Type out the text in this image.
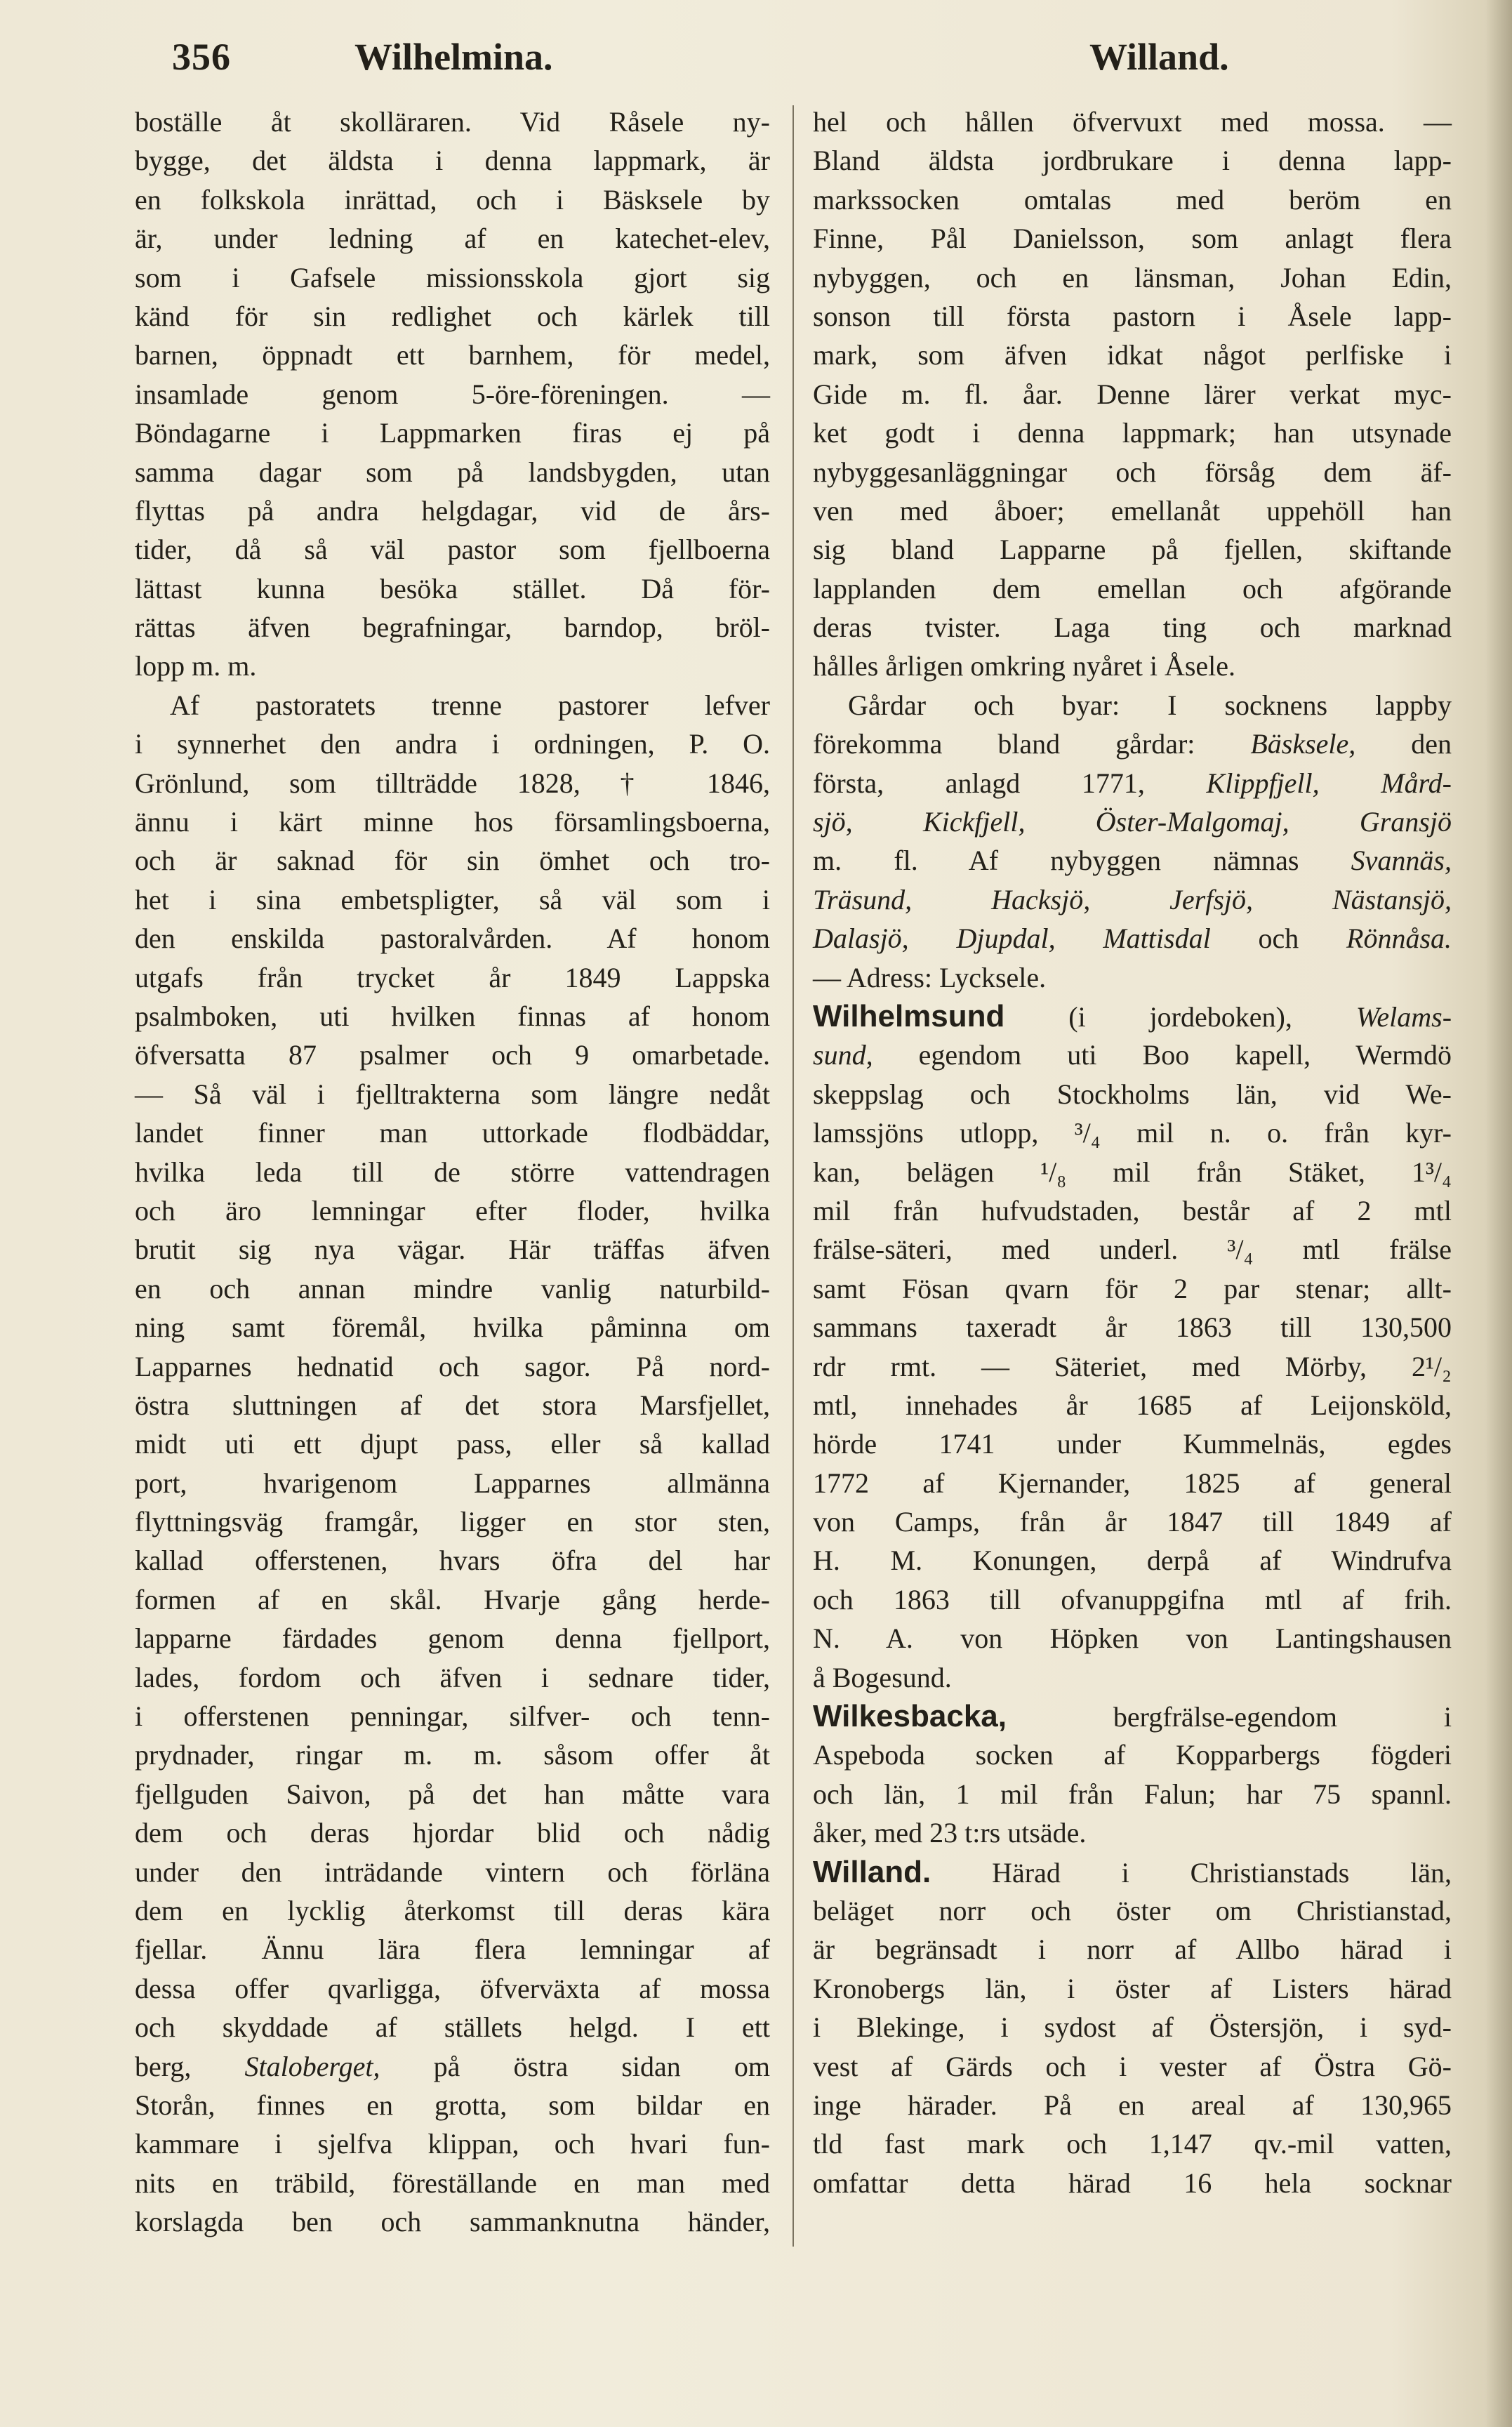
356	Wilhelmina.	Willand.
boställe åt skolläraren. Vid Råsele ny-
bygge, det äldsta i denna lappmark, är
en folkskola inrättad, och i Bäsksele by
är, under ledning af en katechet-elev,
som i Gafsele missionsskola gjort sig
känd för sin redlighet och kärlek till
barnen, öppnadt ett barnhem, för medel,
insamlade genom 5-öre-föreningen. —
Böndagarne i Lappmarken firas ej på
samma dagar som på landsbygden, utan
flyttas på andra helgdagar, vid de års-
tider, då så väl pastor som fjellboerna
lättast kunna besöka stället. Då för-
rättas äfven begrafningar, barndop, bröl-
lopp m. m.
Af pastoratets trenne pastorer lefver
i synnerhet den andra i ordningen, P. O.
Grönlund, som tillträdde 1828, † 1846,
ännu i kärt minne hos församlingsboerna,
och är saknad för sin ömhet och tro-
het i sina embetspligter, så väl som i
den enskilda pastoralvården. Af honom
utgafs från trycket år 1849 Lappska
psalmboken, uti hvilken finnas af honom
öfversatta 87 psalmer och 9 omarbetade.
— Så väl i fjelltrakterna som längre nedåt
landet finner man uttorkade flodbäddar,
hvilka leda till de större vattendragen
och äro lemningar efter floder, hvilka
brutit sig nya vägar. Här träffas äfven
en och annan mindre vanlig naturbild-
ning samt föremål, hvilka påminna om
Lapparnes hednatid och sagor. På nord-
östra sluttningen af det stora Marsfjellet,
midt uti ett djupt pass, eller så kallad
port, hvarigenom Lapparnes allmänna
flyttningsväg framgår, ligger en stor sten,
kallad offerstenen, hvars öfra del har
formen af en skål. Hvarje gång herde-
lapparne färdades genom denna fjellport,
lades, fordom och äfven i sednare tider,
i offerstenen penningar, silfver- och tenn-
prydnader, ringar m. m. såsom offer åt
fjellguden Saivon, på det han måtte vara
dem och deras hjordar blid och nådig
under den inträdande vintern och förläna
dem en lycklig återkomst till deras kära
fjellar. Ännu lära flera lemningar af
dessa offer qvarligga, öfverväxta af mossa
och skyddade af ställets helgd. I ett
berg, Staloberget, på östra sidan om
Storån, finnes en grotta, som bildar en
kammare i sjelfva klippan, och hvari fun-
nits en träbild, föreställande en man med
korslagda ben och sammanknutna händer,
hel och hållen öfvervuxt med mossa. —
Bland äldsta jordbrukare i denna lapp-
markssocken omtalas med beröm en
Finne, Pål Danielsson, som anlagt flera
nybyggen, och en länsman, Johan Edin,
sonson till första pastorn i Åsele lapp-
mark, som äfven idkat något perlfiske i
Gide m. fl. åar. Denne lärer verkat myc-
ket godt i denna lappmark; han utsynade
nybyggesanläggningar och försåg dem äf-
ven med åboer; emellanåt uppehöll han
sig bland Lapparne på fjellen, skiftande
lapplanden dem emellan och afgörande
deras tvister. Laga ting och marknad
hålles årligen omkring nyåret i Åsele.
Gårdar och byar: I socknens lappby
förekomma bland gårdar: Bäsksele, den
första, anlagd 1771, Klippfjell, Mård-
sjö, Kickfjell, Öster-Malgomaj, Gransjö
m. fl. Af nybyggen nämnas Svannäs,
Träsund, Hacksjö, Jerfsjö, Nästansjö,
Dalasjö, Djupdal, Mattisdal och Rönnåsa.
— Adress: Lycksele.
Wilhelmsund (i jordeboken), Welams-
sund, egendom uti Boo kapell, Wermdö
skeppslag och Stockholms län, vid We-
lamssjöns utlopp, ³/₄ mil n. o. från kyr-
kan, belägen ¹/₈ mil från Stäket, 1³/₄
mil från hufvudstaden, består af 2 mtl
frälse-säteri, med underl. ³/₄ mtl frälse
samt Fösan qvarn för 2 par stenar; allt-
sammans taxeradt år 1863 till 130,500
rdr rmt. — Säteriet, med Mörby, 2¹/₂
mtl, innehades år 1685 af Leijonsköld,
hörde 1741 under Kummelnäs, egdes
1772 af Kjernander, 1825 af general
von Camps, från år 1847 till 1849 af
H. M. Konungen, derpå af Windrufva
och 1863 till ofvanuppgifna mtl af frih.
N. A. von Höpken von Lantingshausen
å Bogesund.
Wilkesbacka,	bergfrälse-egendom i
Aspeboda socken af Kopparbergs fögderi
och län, 1 mil från Falun; har 75 spannl.
åker, med 23 t:rs utsäde.
Willand. Härad i Christianstads län,
beläget norr och öster om Christianstad,
är begränsadt i norr af Allbo härad i
Kronobergs län, i öster af Listers härad
i Blekinge, i sydost af Östersjön, i syd-
vest af Gärds och i vester af Östra Gö-
inge härader. På en areal af 130,965
tld fast mark och 1,147 qv.-mil vatten,
omfattar detta härad 16 hela socknar
